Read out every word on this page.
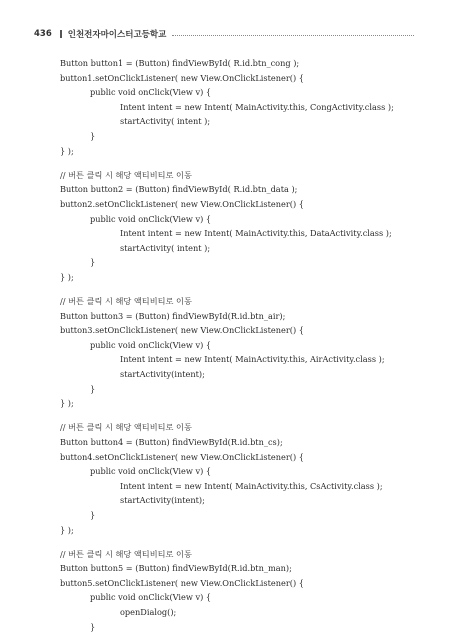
436 인천전자마이스터고등학교
Button button1 = (Button) findViewById( R.id.btn_cong );
button1.setOnClickListener( new View.OnClickListener() {
public void onClick(View v) {
Intent intent = new Intent( MainActivity.this, CongActivity.class );
startActivity( intent );
}
} );
// 버튼 클릭 시 해당 액티비티로 이동
Button button2 = (Button) findViewById( R.id.btn_data );
button2.setOnClickListener( new View.OnClickListener() {
public void onClick(View v) {
Intent intent = new Intent( MainActivity.this, DataActivity.class );
startActivity( intent );
}
} );
// 버튼 클릭 시 해당 액티비티로 이동
Button button3 = (Button) findViewById(R.id.btn_air);
button3.setOnClickListener( new View.OnClickListener() {
public void onClick(View v) {
Intent intent = new Intent( MainActivity.this, AirActivity.class );
startActivity(intent);
}
} );
// 버튼 클릭 시 해당 액티비티로 이동
Button button4 = (Button) findViewById(R.id.btn_cs);
button4.setOnClickListener( new View.OnClickListener() {
public void onClick(View v) {
Intent intent = new Intent( MainActivity.this, CsActivity.class );
startActivity(intent);
}
} );
// 버튼 클릭 시 해당 액티비티로 이동
Button button5 = (Button) findViewById(R.id.btn_man);
button5.setOnClickListener( new View.OnClickListener() {
public void onClick(View v) {
openDialog();
}
